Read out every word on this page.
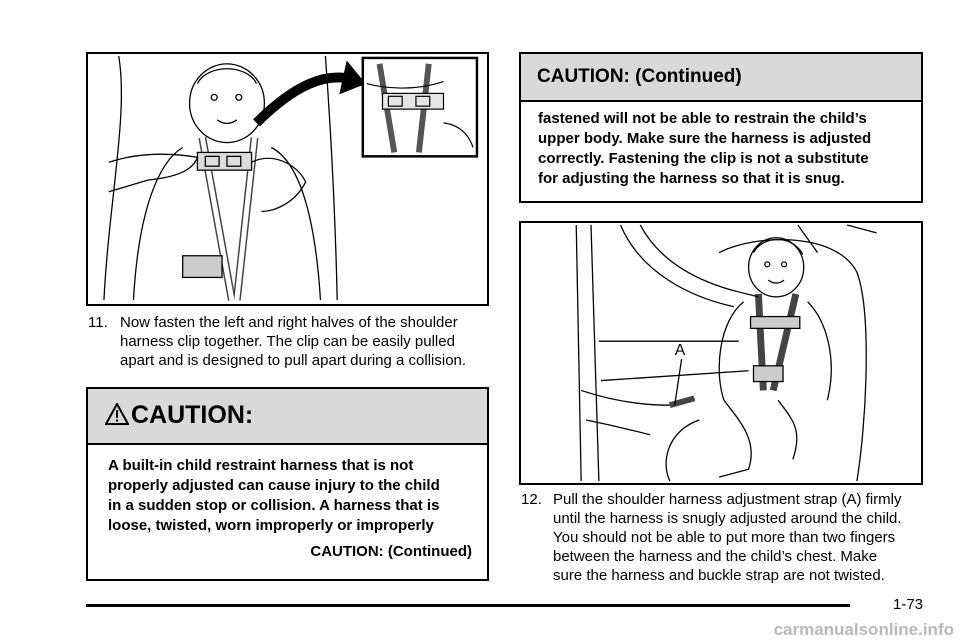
11. Now fasten the left and right halves of the shoulder
harness clip together. The clip can be easily pulled
apart and is designed to pull apart during a collision.
CAUTION:
A built-in child restraint harness that is not
properly adjusted can cause injury to the child
in a sudden stop or collision. A harness that is
loose, twisted, worn improperly or improperly
CAUTION: (Continued)
CAUTION: (Continued)
fastened will not be able to restrain the child’s
upper body. Make sure the harness is adjusted
correctly. Fastening the clip is not a substitute
for adjusting the harness so that it is snug.
A
12. Pull the shoulder harness adjustment strap (A) firmly
until the harness is snugly adjusted around the child.
You should not be able to put more than two fingers
between the harness and the child’s chest. Make
sure the harness and buckle strap are not twisted.
1-73
carmanualsonline.info
